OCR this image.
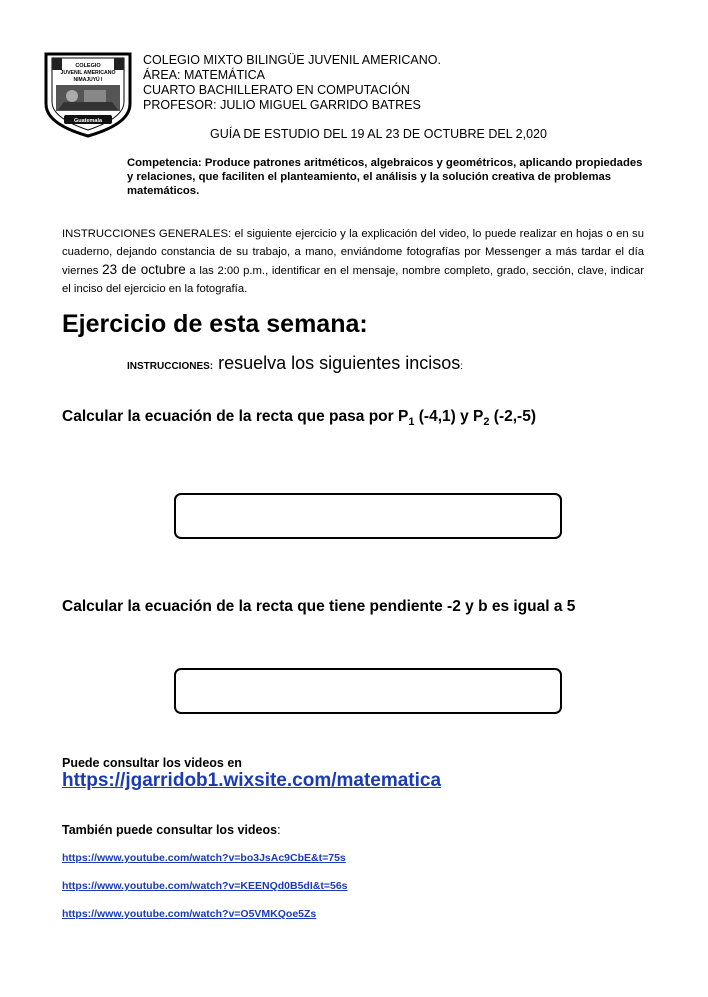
COLEGIO
JUVENIL AMERICANO
NIMAJUYÚ I
Guatemala
COLEGIO MIXTO BILINGÜE JUVENIL AMERICANO.
ÁREA: MATEMÁTICA
CUARTO BACHILLERATO EN COMPUTACIÓN
PROFESOR: JULIO MIGUEL GARRIDO BATRES
GUÍA DE ESTUDIO DEL 19 AL 23 DE OCTUBRE DEL 2,020
Competencia: Produce patrones aritméticos, algebraicos y geométricos, aplicando propiedades y relaciones, que faciliten el planteamiento, el análisis y la solución creativa de problemas matemáticos.
INSTRUCCIONES GENERALES: el siguiente ejercicio y la explicación del video, lo puede realizar en hojas o en su cuaderno, dejando constancia de su trabajo, a mano, enviándome fotografías por Messenger a más tardar el día viernes 23 de octubre a las 2:00 p.m., identificar en el mensaje, nombre completo, grado, sección, clave, indicar el inciso del ejercicio en la fotografía.
Ejercicio de esta semana:
INSTRUCCIONES: resuelva los siguientes incisos:
Calcular la ecuación de la recta que pasa por $P_1$ (-4,1) y $P_2$ (-2,-5)
Calcular la ecuación de la recta que tiene pendiente -2 y b es igual a 5
Puede consultar los videos en
https://jgarridob1.wixsite.com/matematica
También puede consultar los videos:
https://www.youtube.com/watch?v=bo3JsAc9CbE&t=75s
https://www.youtube.com/watch?v=KEENQd0B5dI&t=56s
https://www.youtube.com/watch?v=O5VMKQoe5Zs
